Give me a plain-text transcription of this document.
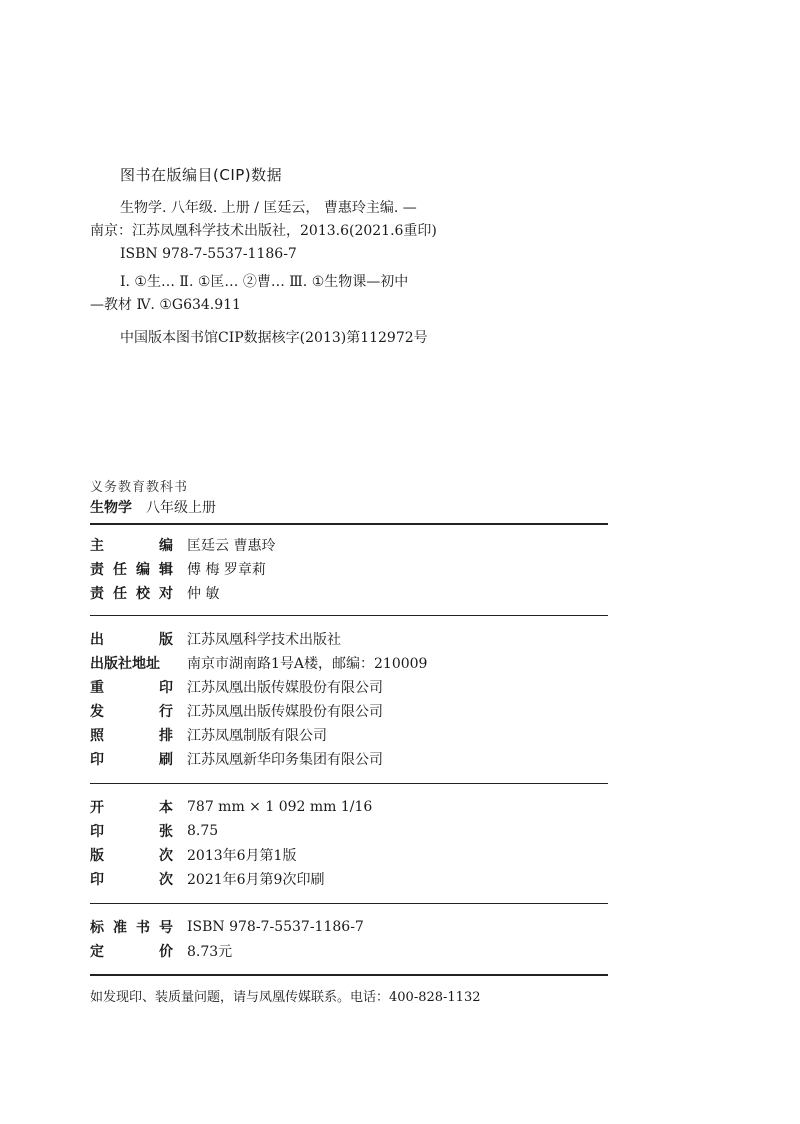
图书在版编目(CIP)数据
生物学. 八年级. 上册 / 匡廷云， 曹惠玲主编. —
南京：江苏凤凰科学技术出版社，2013.6(2021.6重印)
ISBN 978-7-5537-1186-7
Ⅰ. ①生… Ⅱ. ①匡… ②曹… Ⅲ. ①生物课—初中
—教材 Ⅳ. ①G634.911
中国版本图书馆CIP数据核字(2013)第112972号
义务教育教科书
生物学 八年级上册
主	编 匡廷云 曹惠玲
责 任 编 辑 傅 梅 罗章莉
责 任 校 对 仲 敏
出	版 江苏凤凰科学技术出版社
出版社地址 南京市湖南路1号A楼，邮编：210009
重	印 江苏凤凰出版传媒股份有限公司
发	行 江苏凤凰出版传媒股份有限公司
照	排 江苏凤凰制版有限公司
印	刷 江苏凤凰新华印务集团有限公司
开	本 787 mm × 1 092 mm 1/16
印	张 8.75
版	次 2013年6月第1版
印	次 2021年6月第9次印刷
标 准 书 号 ISBN 978-7-5537-1186-7
定	价 8.73元
如发现印、装质量问题，请与凤凰传媒联系。电话：400-828-1132
